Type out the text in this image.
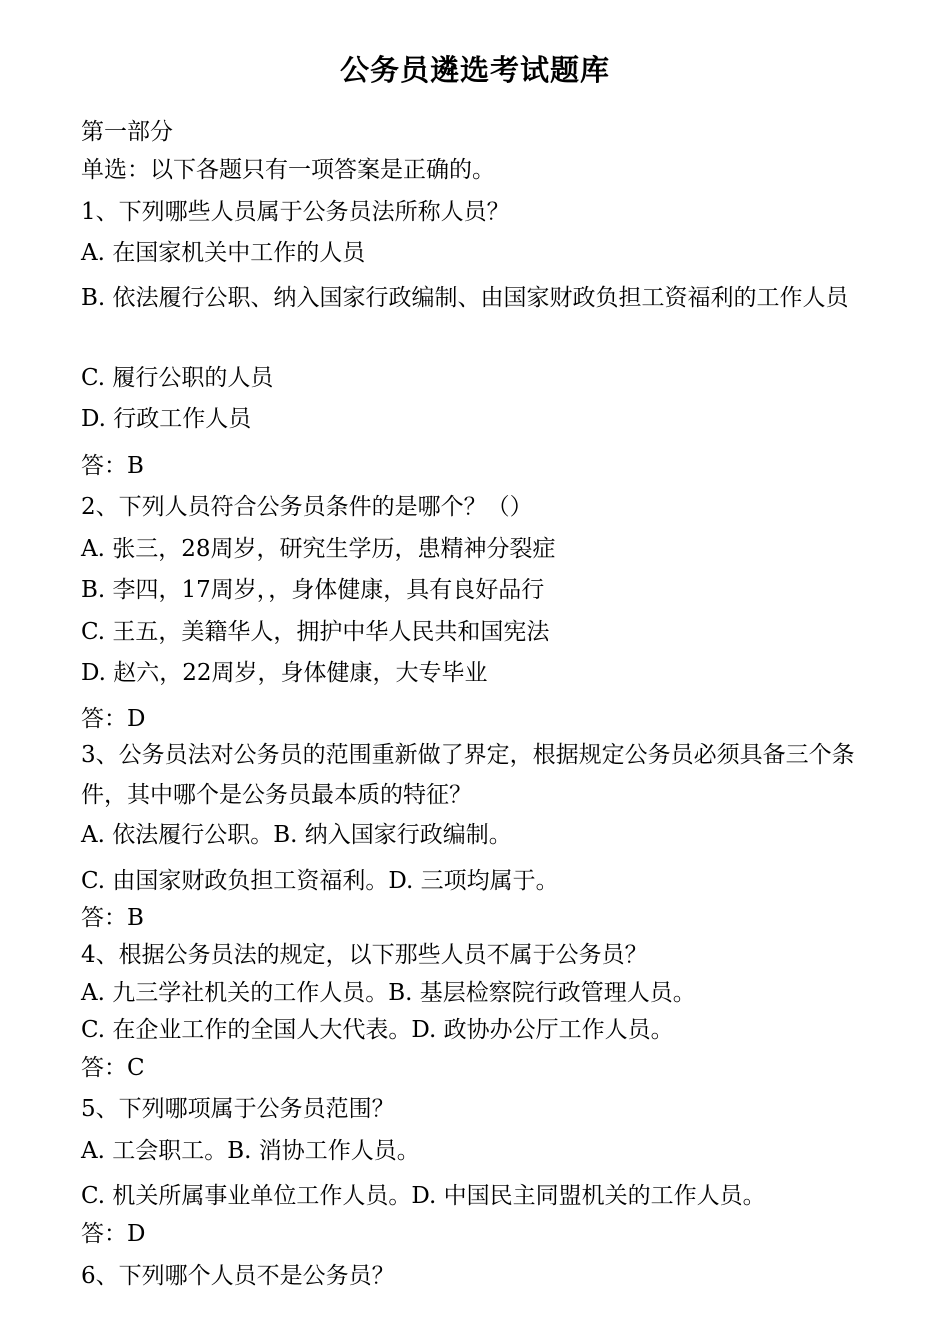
公务员遴选考试题库
第一部分
单选：以下各题只有一项答案是正确的。
1、下列哪些人员属于公务员法所称人员？
A. 在国家机关中工作的人员
B. 依法履行公职、纳入国家行政编制、由国家财政负担工资福利的工作人员
C. 履行公职的人员
D. 行政工作人员
答：B
2、下列人员符合公务员条件的是哪个？（）
A. 张三，28周岁，研究生学历，患精神分裂症
B. 李四，17周岁，，身体健康，具有良好品行
C. 王五，美籍华人，拥护中华人民共和国宪法
D. 赵六，22周岁，身体健康，大专毕业
答：D
3、公务员法对公务员的范围重新做了界定，根据规定公务员必须具备三个条件，其中哪个是公务员最本质的特征？
A. 依法履行公职。B. 纳入国家行政编制。
C. 由国家财政负担工资福利。D. 三项均属于。
答：B
4、根据公务员法的规定，以下那些人员不属于公务员？
A. 九三学社机关的工作人员。B. 基层检察院行政管理人员。
C. 在企业工作的全国人大代表。D. 政协办公厅工作人员。
答：C
5、下列哪项属于公务员范围？
A. 工会职工。B. 消协工作人员。
C. 机关所属事业单位工作人员。D. 中国民主同盟机关的工作人员。
答：D
6、下列哪个人员不是公务员？
